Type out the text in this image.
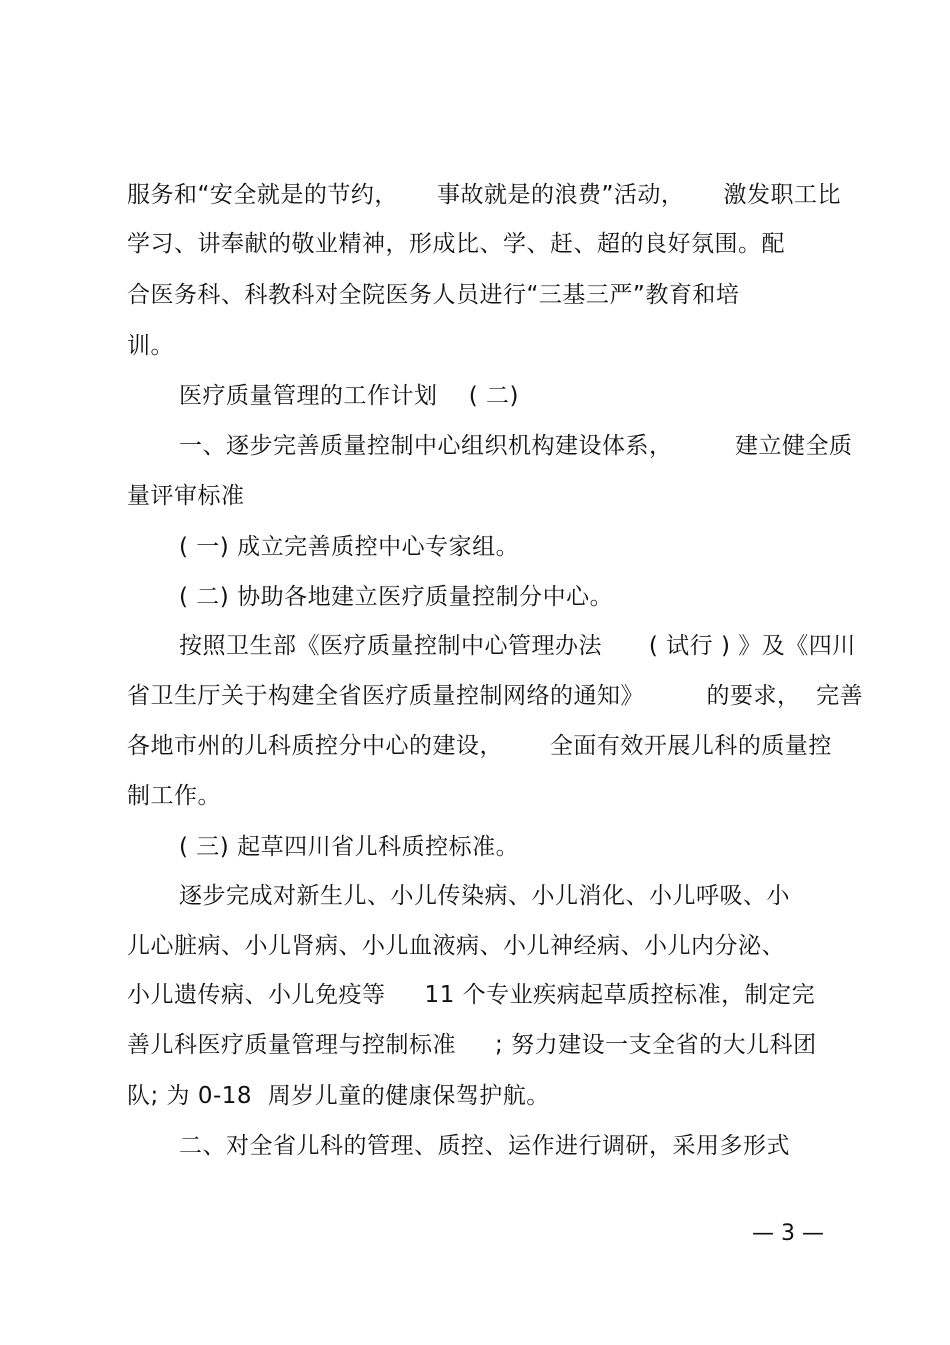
服务和“安全就是的节约，     事故就是的浪费”活动，     激发职工比
学习、讲奉献的敬业精神，形成比、学、赶、超的良好氛围。配
合医务科、科教科对全院医务人员进行“三基三严”教育和培
训。
医疗质量管理的工作计划    ( 二)
一、逐步完善质量控制中心组织机构建设体系，        建立健全质
量评审标准
( 一) 成立完善质控中心专家组。
( 二) 协助各地建立医疗质量控制分中心。
按照卫生部《医疗质量控制中心管理办法      ( 试行 ) 》及《四川
省卫生厅关于构建全省医疗质量控制网络的通知》        的要求，  完善
各地市州的儿科质控分中心的建设，      全面有效开展儿科的质量控
制工作。
( 三) 起草四川省儿科质控标准。
逐步完成对新生儿、小儿传染病、小儿消化、小儿呼吸、小
儿心脏病、小儿肾病、小儿血液病、小儿神经病、小儿内分泌、
小儿遗传病、小儿免疫等     11 个专业疾病起草质控标准，制定完
善儿科医疗质量管理与控制标准     ; 努力建设一支全省的大儿科团
队; 为 0-18  周岁儿童的健康保驾护航。
二、对全省儿科的管理、质控、运作进行调研，采用多形式
— 3 —
